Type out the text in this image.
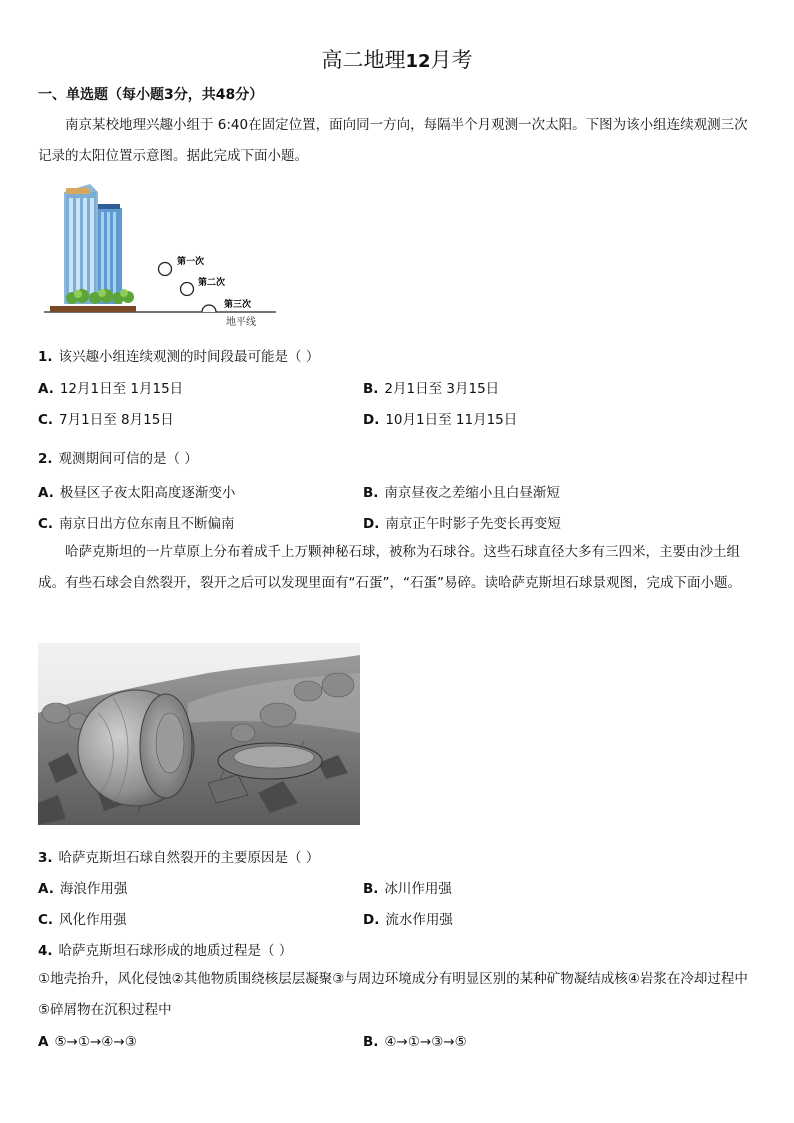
高二地理12月考
一、单选题（每小题3分，共48分）
南京某校地理兴趣小组于 6:40在固定位置，面向同一方向，每隔半个月观测一次太阳。下图为该小组连续观测三次记录的太阳位置示意图。据此完成下面小题。
第一次
第二次
第三次
地平线
1. 该兴趣小组连续观测的时间段最可能是（ ）
A. 12月1日至 1月15日	B. 2月1日至 3月15日
C. 7月1日至 8月15日	D. 10月1日至 11月15日
2. 观测期间可信的是（ ）
A. 极昼区子夜太阳高度逐渐变小	B. 南京昼夜之差缩小且白昼渐短
C. 南京日出方位东南且不断偏南	D. 南京正午时影子先变长再变短
哈萨克斯坦的一片草原上分布着成千上万颗神秘石球，被称为石球谷。这些石球直径大多有三四米，主要由沙土组成。有些石球会自然裂开，裂开之后可以发现里面有“石蛋”，“石蛋”易碎。读哈萨克斯坦石球景观图，完成下面小题。
3. 哈萨克斯坦石球自然裂开的主要原因是（ ）
A. 海浪作用强	B. 冰川作用强
C. 风化作用强	D. 流水作用强
4. 哈萨克斯坦石球形成的地质过程是（ ）
①地壳抬升，风化侵蚀②其他物质围绕核层层凝聚③与周边环境成分有明显区别的某种矿物凝结成核④岩浆在冷却过程中⑤碎屑物在沉积过程中
A ⑤→①→④→③	B. ④→①→③→⑤
